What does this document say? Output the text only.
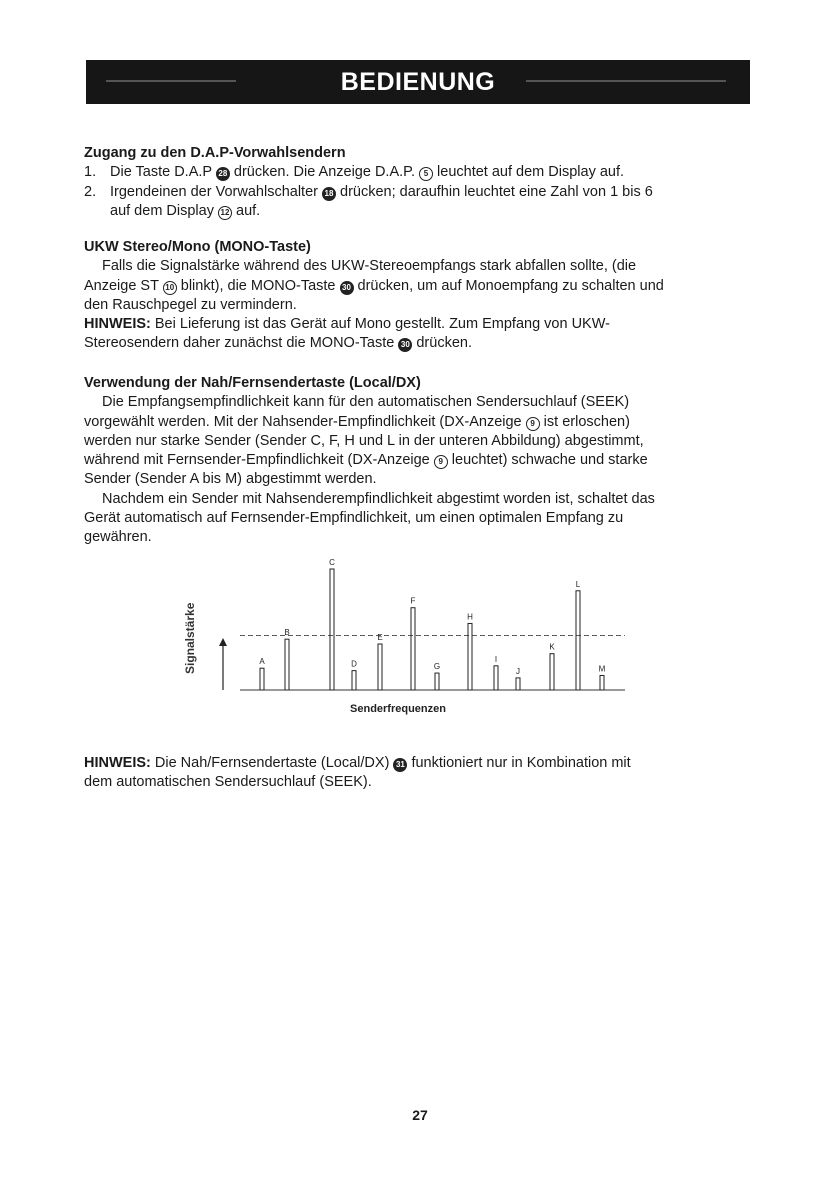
BEDIENUNG

Zugang zu den D.A.P-Vorwahlsendern

1. Die Taste D.A.P 28 drücken. Die Anzeige D.A.P. 5 leuchtet auf dem Display auf.
2. Irgendeinen der Vorwahlschalter 18 drücken; daraufhin leuchtet eine Zahl von 1 bis 6
auf dem Display 12 auf.

UKW Stereo/Mono (MONO-Taste)

Falls die Signalstärke während des UKW-Stereoempfangs stark abfallen sollte, (die

Anzeige ST 10 blinkt), die MONO-Taste 30 drücken, um auf Monoempfang zu schalten und

den Rauschpegel zu vermindern.

HINWEIS: Bei Lieferung ist das Gerät auf Mono gestellt. Zum Empfang von UKW-

Stereosendern daher zunächst die MONO-Taste 30 drücken.

Verwendung der Nah/Fernsendertaste (Local/DX)

Die Empfangsempfindlichkeit kann für den automatischen Sendersuchlauf (SEEK)

vorgewählt werden. Mit der Nahsender-Empfindlichkeit (DX-Anzeige 9 ist erloschen)

werden nur starke Sender (Sender C, F, H und L in der unteren Abbildung) abgestimmt,

während mit Fernsender-Empfindlichkeit (DX-Anzeige 9 leuchtet) schwache und starke

Sender (Sender A bis M) abgestimmt werden.

Nachdem ein Sender mit Nahsenderempfindlichkeit abgestimt worden ist, schaltet das

Gerät automatisch auf Fernsender-Empfindlichkeit, um einen optimalen Empfang zu

gewähren.

Signalstärke	A
B
C
D
E
F
G
H
I
J
K
L
M
Senderfrequenzen

HINWEIS: Die Nah/Fernsendertaste (Local/DX) 31 funktioniert nur in Kombination mit

dem automatischen Sendersuchlauf (SEEK).

27
